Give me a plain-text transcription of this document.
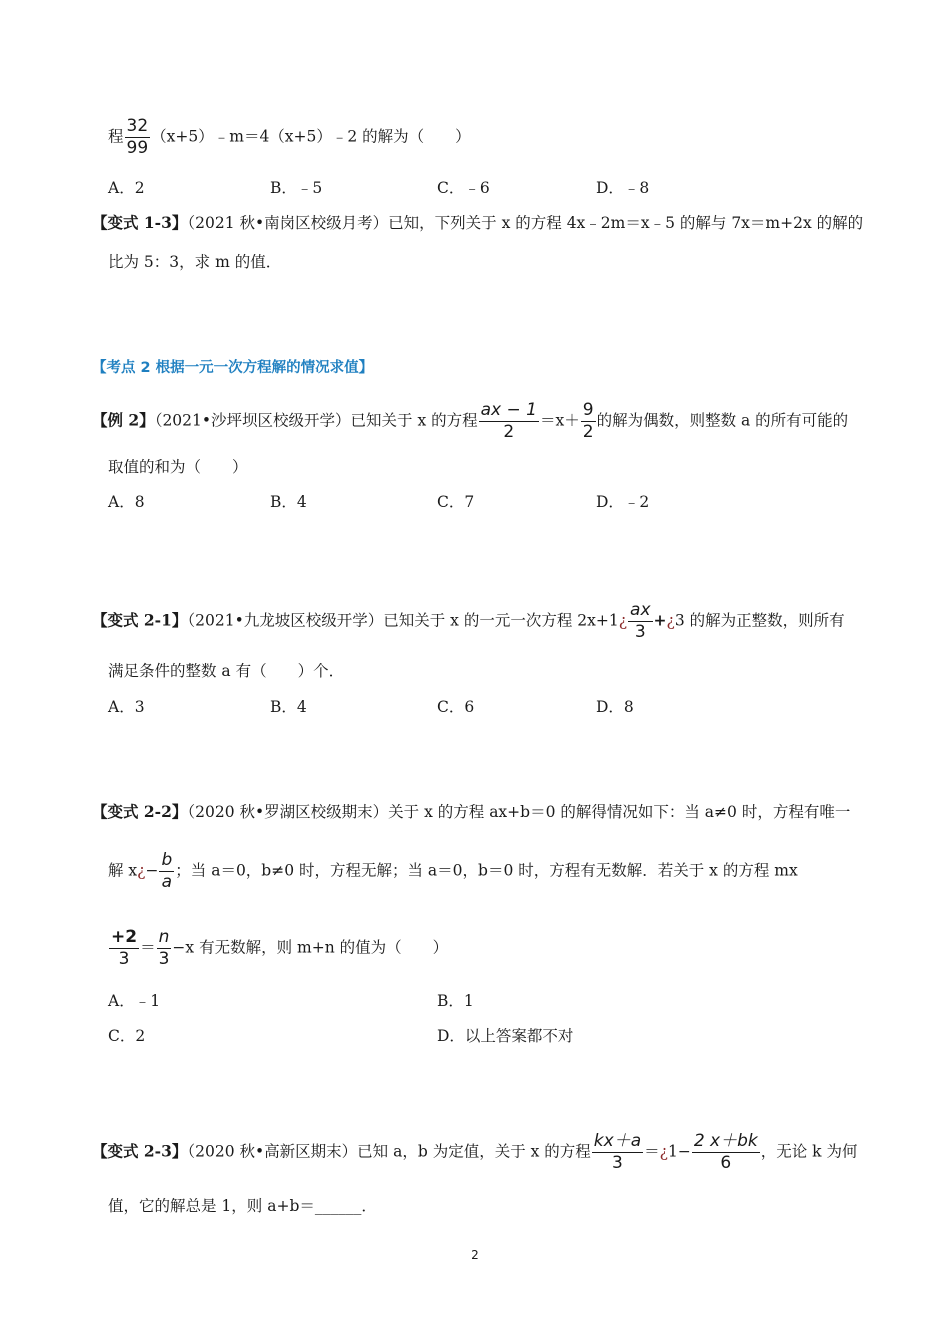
程 $\frac{32}{99}$ （x+5）﹣m＝4（x+5）﹣2 的解为（　　）
A．2	B．﹣5	C．﹣6	D．﹣8
【变式 1-3】（2021 秋•南岗区校级月考）已知，下列关于 x 的方程 4x﹣2m＝x﹣5 的解与 7x＝m+2x 的解的
比为 5：3，求 m 的值．
【考点 2 根据一元一次方程解的情况求值】
【例 2】（2021•沙坪坝区校级开学）已知关于 x 的方程 $\frac{ax - 1}{2} =x+ \frac{9}{2}$ 的解为偶数，则整数 a 的所有可能的
取值的和为（　　）
A．8	B．4	C．7	D．﹣2
【变式 2-1】（2021•九龙坡区校级开学）已知关于 x 的一元一次方程 2x+1¿ $\frac{ax}{3}$ +¿3 的解为正整数，则所有
满足条件的整数 a 有（　　）个．
A．3	B．4	C．6	D．8
【变式 2-2】（2020 秋•罗湖区校级期末）关于 x 的方程 ax+b＝0 的解得情况如下：当 a≠0 时，方程有唯一
解 x¿− $\frac{b}{a}$ ；当 a＝0，b≠0 时，方程无解；当 a＝0，b＝0 时，方程有无数解．若关于 x 的方程 mx
$\frac{+2}{3} = \frac{n}{3} -x$ 有无数解，则 m+n 的值为（　　）
A．﹣1	B．1
C．2	D．以上答案都不对
【变式 2-3】（2020 秋•高新区期末）已知 a，b 为定值，关于 x 的方程 $\frac{kx+a}{3}$ ＝¿1− $\frac{2 x+bk}{6}$ ，无论 k 为何
值，它的解总是 1，则 a+b＝______．
2
